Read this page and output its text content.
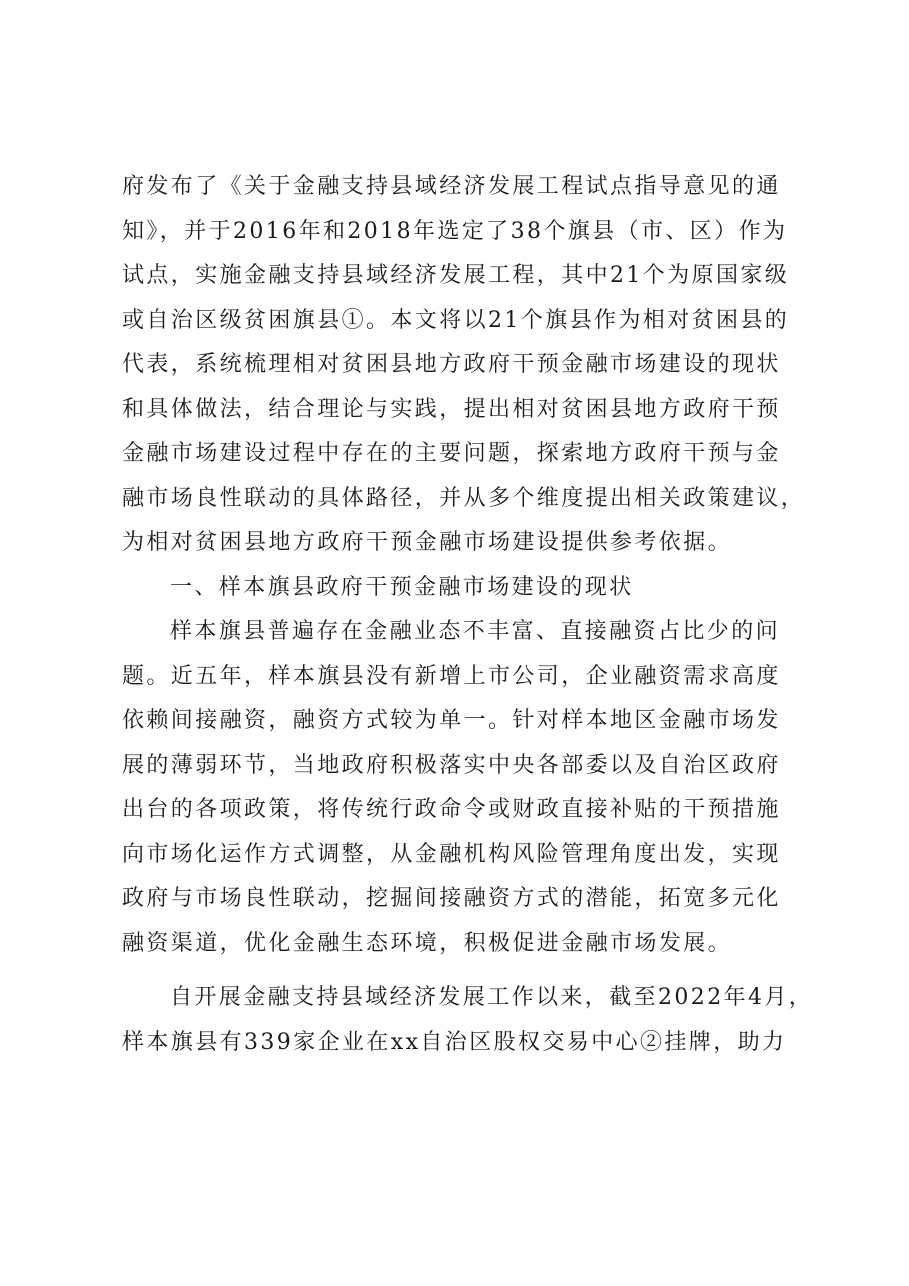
府发布了《关于金融支持县域经济发展工程试点指导意见的通
知》，并于2016年和2018年选定了38个旗县（市、区）作为
试点，实施金融支持县域经济发展工程，其中21个为原国家级
或自治区级贫困旗县①。本文将以21个旗县作为相对贫困县的
代表，系统梳理相对贫困县地方政府干预金融市场建设的现状
和具体做法，结合理论与实践，提出相对贫困县地方政府干预
金融市场建设过程中存在的主要问题，探索地方政府干预与金
融市场良性联动的具体路径，并从多个维度提出相关政策建议，
为相对贫困县地方政府干预金融市场建设提供参考依据。
一、样本旗县政府干预金融市场建设的现状
样本旗县普遍存在金融业态不丰富、直接融资占比少的问
题。近五年，样本旗县没有新增上市公司，企业融资需求高度
依赖间接融资，融资方式较为单一。针对样本地区金融市场发
展的薄弱环节，当地政府积极落实中央各部委以及自治区政府
出台的各项政策，将传统行政命令或财政直接补贴的干预措施
向市场化运作方式调整，从金融机构风险管理角度出发，实现
政府与市场良性联动，挖掘间接融资方式的潜能，拓宽多元化
融资渠道，优化金融生态环境，积极促进金融市场发展。
自开展金融支持县域经济发展工作以来，截至2022年4月，
样本旗县有339家企业在xx自治区股权交易中心②挂牌，助力
